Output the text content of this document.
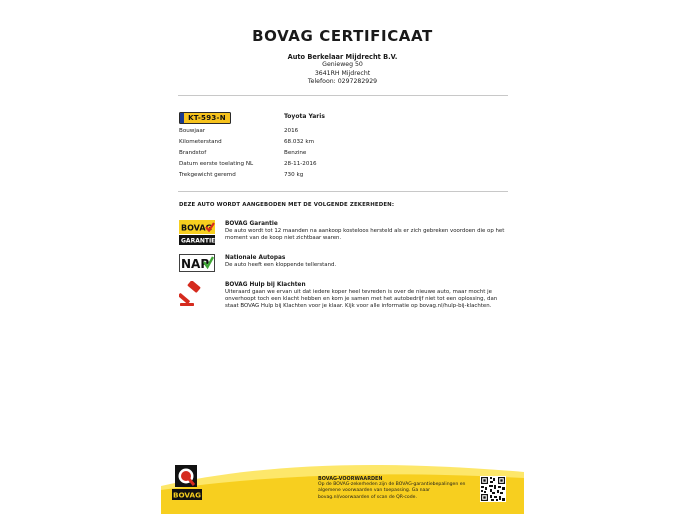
BOVAG CERTIFICAAT
Auto Berkelaar Mijdrecht B.V.
Genieweg 50
3641RH Mijdrecht
Telefoon: 0297282929
KT-593-N	Toyota Yaris
Bouwjaar	2016
Kilometerstand	68.032 km
Brandstof	Benzine
Datum eerste toelating NL	28-11-2016
Trekgewicht geremd	730 kg
DEZE AUTO WORDT AANGEBODEN MET DE VOLGENDE ZEKERHEDEN:
BOVAG
GARANTIE
BOVAG Garantie
De auto wordt tot 12 maanden na aankoop kosteloos hersteld als er zich gebreken voordoen die op het moment van de koop niet zichtbaar waren.
NAP	Nationale Autopas
De auto heeft een kloppende tellerstand.
BOVAG Hulp bij Klachten
Uiteraard gaan we ervan uit dat iedere koper heel tevreden is over de nieuwe auto, maar mocht je onverhoopt toch een klacht hebben en kom je samen met het autobedrijf niet tot een oplossing, dan staat BOVAG Hulp bij Klachten voor je klaar. Kijk voor alle informatie op bovag.nl/hulp-bij-klachten.
BOVAG
BOVAG-VOORWAARDEN
Op de BOVAG-zekerheden zijn de BOVAG-garantiebepalingen en algemene voorwaarden van toepassing. Ga naar bovag.nl/voorwaarden of scan de QR-code.
